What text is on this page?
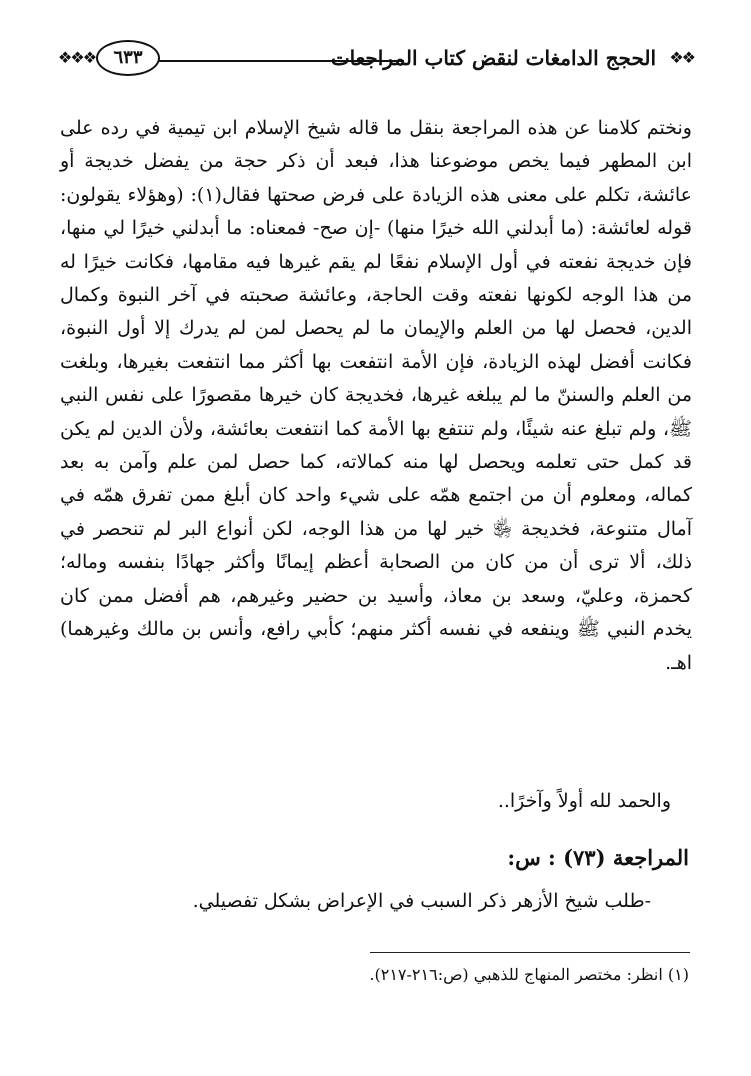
❖❖
الحجج الدامغات لنقض كتاب المراجعات
٦٣٣
❖❖❖

ونختم كلامنا عن هذه المراجعة بنقل ما قاله شيخ الإسلام ابن تيمية في رده على ابن المطهر فيما يخص موضوعنا هذا، فبعد أن ذكر حجة من يفضل خديجة أو عائشة، تكلم على معنى هذه الزيادة على فرض صحتها فقال(١): (وهؤلاء يقولون: قوله لعائشة: (ما أبدلني الله خيرًا منها) -إن صح- فمعناه: ما أبدلني خيرًا لي منها، فإن خديجة نفعته في أول الإسلام نفعًا لم يقم غيرها فيه مقامها، فكانت خيرًا له من هذا الوجه لكونها نفعته وقت الحاجة، وعائشة صحبته في آخر النبوة وكمال الدين، فحصل لها من العلم والإيمان ما لم يحصل لمن لم يدرك إلا أول النبوة، فكانت أفضل لهذه الزيادة، فإن الأمة انتفعت بها أكثر مما انتفعت بغيرها، وبلغت من العلم والسننّ ما لم يبلغه غيرها، فخديجة كان خيرها مقصورًا على نفس النبي ﷺ، ولم تبلغ عنه شيئًا، ولم تنتفع بها الأمة كما انتفعت بعائشة، ولأن الدين لم يكن قد كمل حتى تعلمه ويحصل لها منه كمالاته، كما حصل لمن علم وآمن به بعد كماله، ومعلوم أن من اجتمع همّه على شيء واحد كان أبلغ ممن تفرق همّه في آمال متنوعة، فخديجة ﵂ خير لها من هذا الوجه، لكن أنواع البر لم تنحصر في ذلك، ألا ترى أن من كان من الصحابة أعظم إيمانًا وأكثر جهادًا بنفسه وماله؛ كحمزة، وعليّ، وسعد بن معاذ، وأسيد بن حضير وغيرهم، هم أفضل ممن كان يخدم النبي ﷺ وينفعه في نفسه أكثر منهم؛ كأبي رافع، وأنس بن مالك وغيرهما) اهـ.

والحمد لله أولاً وآخرًا..
المراجعة (٧٣) : س:
-طلب شيخ الأزهر ذكر السبب في الإعراض بشكل تفصيلي.
(١) انظر: مختصر المنهاج للذهبي (ص:٢١٦-٢١٧).
